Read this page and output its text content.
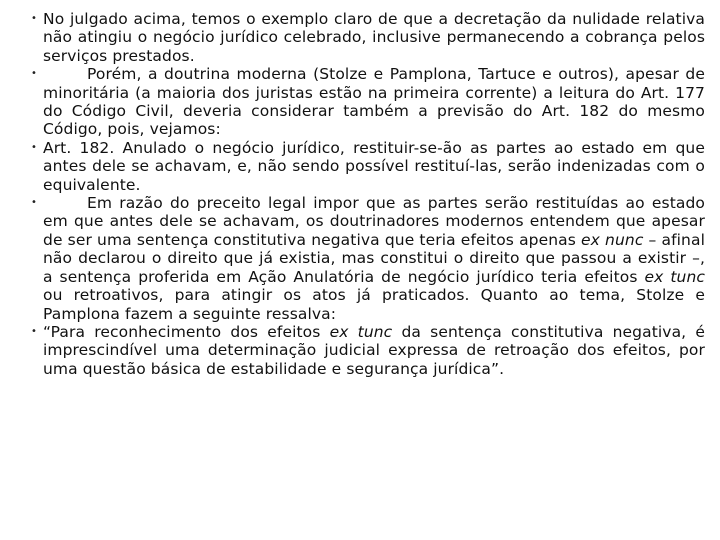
• No julgado acima, temos o exemplo claro de que a decretação da nulidade relativa não atingiu o negócio jurídico celebrado, inclusive permanecendo a cobrança pelos serviços prestados.
•	Porém, a doutrina moderna (Stolze e Pamplona, Tartuce e outros), apesar de minoritária (a maioria dos juristas estão na primeira corrente) a leitura do Art. 177 do Código Civil, deveria considerar também a previsão do Art. 182 do mesmo Código, pois, vejamos:
• Art. 182. Anulado o negócio jurídico, restituir-se-ão as partes ao estado em que antes dele se achavam, e, não sendo possível restituí-las, serão indenizadas com o equivalente.
•	Em razão do preceito legal impor que as partes serão restituídas ao estado em que antes dele se achavam, os doutrinadores modernos entendem que apesar de ser uma sentença constitutiva negativa que teria efeitos apenas ex nunc – afinal não declarou o direito que já existia, mas constitui o direito que passou a existir –, a sentença proferida em Ação Anulatória de negócio jurídico teria efeitos ex tunc ou retroativos, para atingir os atos já praticados. Quanto ao tema, Stolze e Pamplona fazem a seguinte ressalva:
• “Para reconhecimento dos efeitos ex tunc da sentença constitutiva negativa, é imprescindível uma determinação judicial expressa de retroação dos efeitos, por uma questão básica de estabilidade e segurança jurídica”.
